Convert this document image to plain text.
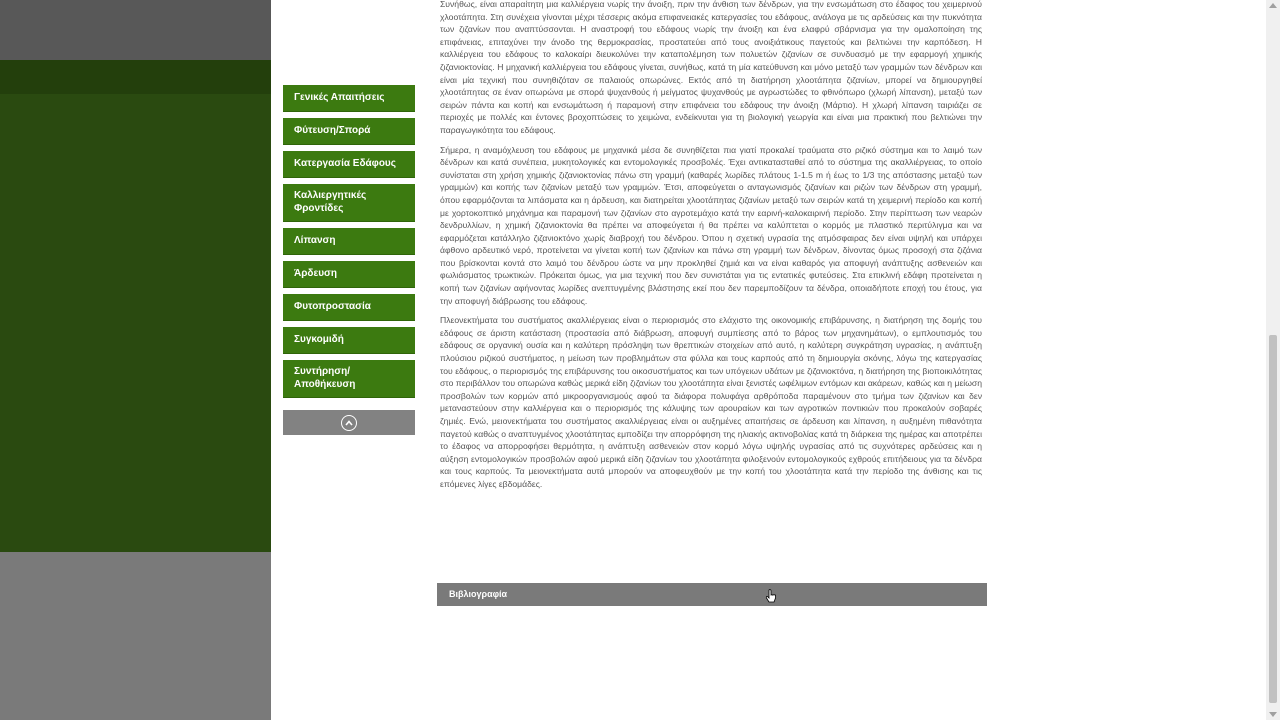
Γενικές Απαιτήσεις
Φύτευση/Σπορά
Κατεργασία Εδάφους
Καλλιεργητικές Φροντίδες
Λίπανση
Άρδευση
Φυτοπροστασία
Συγκομιδή
Συντήρηση/ Αποθήκευση

Συνήθως, είναι απαραίτητη μια καλλιέργεια νωρίς την άνοιξη, πριν την άνθιση των δένδρων, για την ενσωμάτωση στο έδαφος του χειμερινού χλοοτάπητα. Στη συνέχεια γίνονται μέχρι τέσσερις ακόμα επιφανειακές κατεργασίες του εδάφους, ανάλογα με τις αρδεύσεις και την πυκνότητα των ζιζανίων που αναπτύσσονται. Η αναστροφή του εδάφους νωρίς την άνοιξη και ένα ελαφρύ σβάρνισμα για την ομαλοποίηση της επιφάνειας, επιταχύνει την άνοδο της θερμοκρασίας, προστατεύει από τους ανοιξιάτικους παγετούς και βελτιώνει την καρπόδεση. Η καλλιέργεια του εδάφους το καλοκαίρι διευκολύνει την καταπολέμηση των πολυετών ζιζανίων σε συνδυασμό με την εφαρμογή χημικής ζιζανιοκτονίας. Η μηχανική καλλιέργεια του εδάφους γίνεται, συνήθως, κατά τη μία κατεύθυνση και μόνο μεταξύ των γραμμών των δένδρων και είναι μία τεχνική που συνηθιζόταν σε παλαιούς οπωρώνες. Εκτός από τη διατήρηση χλοοτάπητα ζιζανίων, μπορεί να δημιουργηθεί χλοοτάπητας σε έναν οπωρώνα με σπορά ψυχανθούς ή μείγματος ψυχανθούς με αγρωστώδες το φθινόπωρο (χλωρή λίπανση), μεταξύ των σειρών πάντα και κοπή και ενσωμάτωση ή παραμονή στην επιφάνεια του εδάφους την άνοιξη (Μάρτιο). Η χλωρή λίπανση ταιριάζει σε περιοχές με πολλές και έντονες βροχοπτώσεις το χειμώνα, ενδείκνυται για τη βιολογική γεωργία και είναι μια πρακτική που βελτιώνει την παραγωγικότητα του εδάφους.

Σήμερα, η αναμόχλευση του εδάφους με μηχανικά μέσα δε συνηθίζεται πια γιατί προκαλεί τραύματα στο ριζικό σύστημα και το λαιμό των δένδρων και κατά συνέπεια, μυκητολογικές και εντομολογικές προσβολές. Έχει αντικατασταθεί από το σύστημα της ακαλλιέργειας, το οποίο συνίσταται στη χρήση χημικής ζιζανιοκτονίας πάνω στη γραμμή (καθαρές λωρίδες πλάτους 1-1.5 m ή έως το 1/3 της απόστασης μεταξύ των γραμμών) και κοπής των ζιζανίων μεταξύ των γραμμών. Έτσι, αποφεύγεται ο ανταγωνισμός ζιζανίων και ριζών των δένδρων στη γραμμή, όπου εφαρμόζονται τα λιπάσματα και η άρδευση, και διατηρείται χλοοτάπητας ζιζανίων μεταξύ των σειρών κατά τη χειμερινή περίοδο και κοπή με χορτοκοπτικό μηχάνημα και παραμονή των ζιζανίων στο αγροτεμάχιο κατά την εαρινή-καλοκαιρινή περίοδο. Στην περίπτωση των νεαρών δενδρυλλίων, η χημική ζιζανιοκτονία θα πρέπει να αποφεύγεται ή θα πρέπει να καλύπτεται ο κορμός με πλαστικό περιτύλιγμα και να εφαρμόζεται κατάλληλο ζιζανιοκτόνο χωρίς διαβροχή του δένδρου. Όπου η σχετική υγρασία της ατμόσφαιρας δεν είναι υψηλή και υπάρχει άφθονο αρδευτικό νερό, προτείνεται να γίνεται κοπή των ζιζανίων και πάνω στη γραμμή των δένδρων, δίνοντας όμως προσοχή στα ζιζάνια που βρίσκονται κοντά στο λαιμό του δένδρου ώστε να μην προκληθεί ζημιά και να είναι καθαρός για αποφυγή ανάπτυξης ασθενειών και φωλιάσματος τρωκτικών. Πρόκειται όμως, για μια τεχνική που δεν συνιστάται για τις εντατικές φυτεύσεις. Στα επικλινή εδάφη προτείνεται η κοπή των ζιζανίων αφήνοντας λωρίδες ανεπτυγμένης βλάστησης εκεί που δεν παρεμποδίζουν τα δένδρα, οποιαδήποτε εποχή του έτους, για την αποφυγή διάβρωσης του εδάφους.

Πλεονεκτήματα του συστήματος ακαλλιέργειας είναι ο περιορισμός στο ελάχιστο της οικονομικής επιβάρυνσης, η διατήρηση της δομής του εδάφους σε άριστη κατάσταση (προστασία από διάβρωση, αποφυγή συμπίεσης από το βάρος των μηχανημάτων), ο εμπλουτισμός του εδάφους σε οργανική ουσία και η καλύτερη πρόσληψη των θρεπτικών στοιχείων από αυτό, η καλύτερη συγκράτηση υγρασίας, η ανάπτυξη πλούσιου ριζικού συστήματος, η μείωση των προβλημάτων στα φύλλα και τους καρπούς από τη δημιουργία σκόνης, λόγω της κατεργασίας του εδάφους, ο περιορισμός της επιβάρυνσης του οικοσυστήματος και των υπόγειων υδάτων με ζιζανιοκτόνα, η διατήρηση της βιοποικιλότητας στο περιβάλλον του οπωρώνα καθώς μερικά είδη ζιζανίων του χλοοτάπητα είναι ξενιστές ωφέλιμων εντόμων και ακάρεων, καθώς και η μείωση προσβολών των κορμών από μικροοργανισμούς αφού τα διάφορα πολυφάγα αρθρόποδα παραμένουν στο τμήμα των ζιζανίων και δεν μεταναστεύουν στην καλλιέργεια και ο περιορισμός της κάλυψης των αρουραίων και των αγροτικών ποντικιών που προκαλούν σοβαρές ζημιές. Ενώ, μειονεκτήματα του συστήματος ακαλλιέργειας είναι οι αυξημένες απαιτήσεις σε άρδευση και λίπανση, η αυξημένη πιθανότητα παγετού καθώς ο αναπτυγμένος χλοοτάπητας εμποδίζει την απορρόφηση της ηλιακής ακτινοβολίας κατά τη διάρκεια της ημέρας και αποτρέπει το έδαφος να απορροφήσει θερμότητα, η ανάπτυξη ασθενειών στον κορμό λόγω υψηλής υγρασίας από τις συχνότερες αρδεύσεις και η αύξηση εντομολογικών προσβολών αφού μερικά είδη ζιζανίων του χλοοτάπητα φιλοξενούν εντομολογικούς εχθρούς επιτήδειους για τα δένδρα και τους καρπούς. Τα μειονεκτήματα αυτά μπορούν να αποφευχθούν με την κοπή του χλοοτάπητα κατά την περίοδο της άνθισης και τις επόμενες λίγες εβδομάδες.

Βιβλιογραφία
